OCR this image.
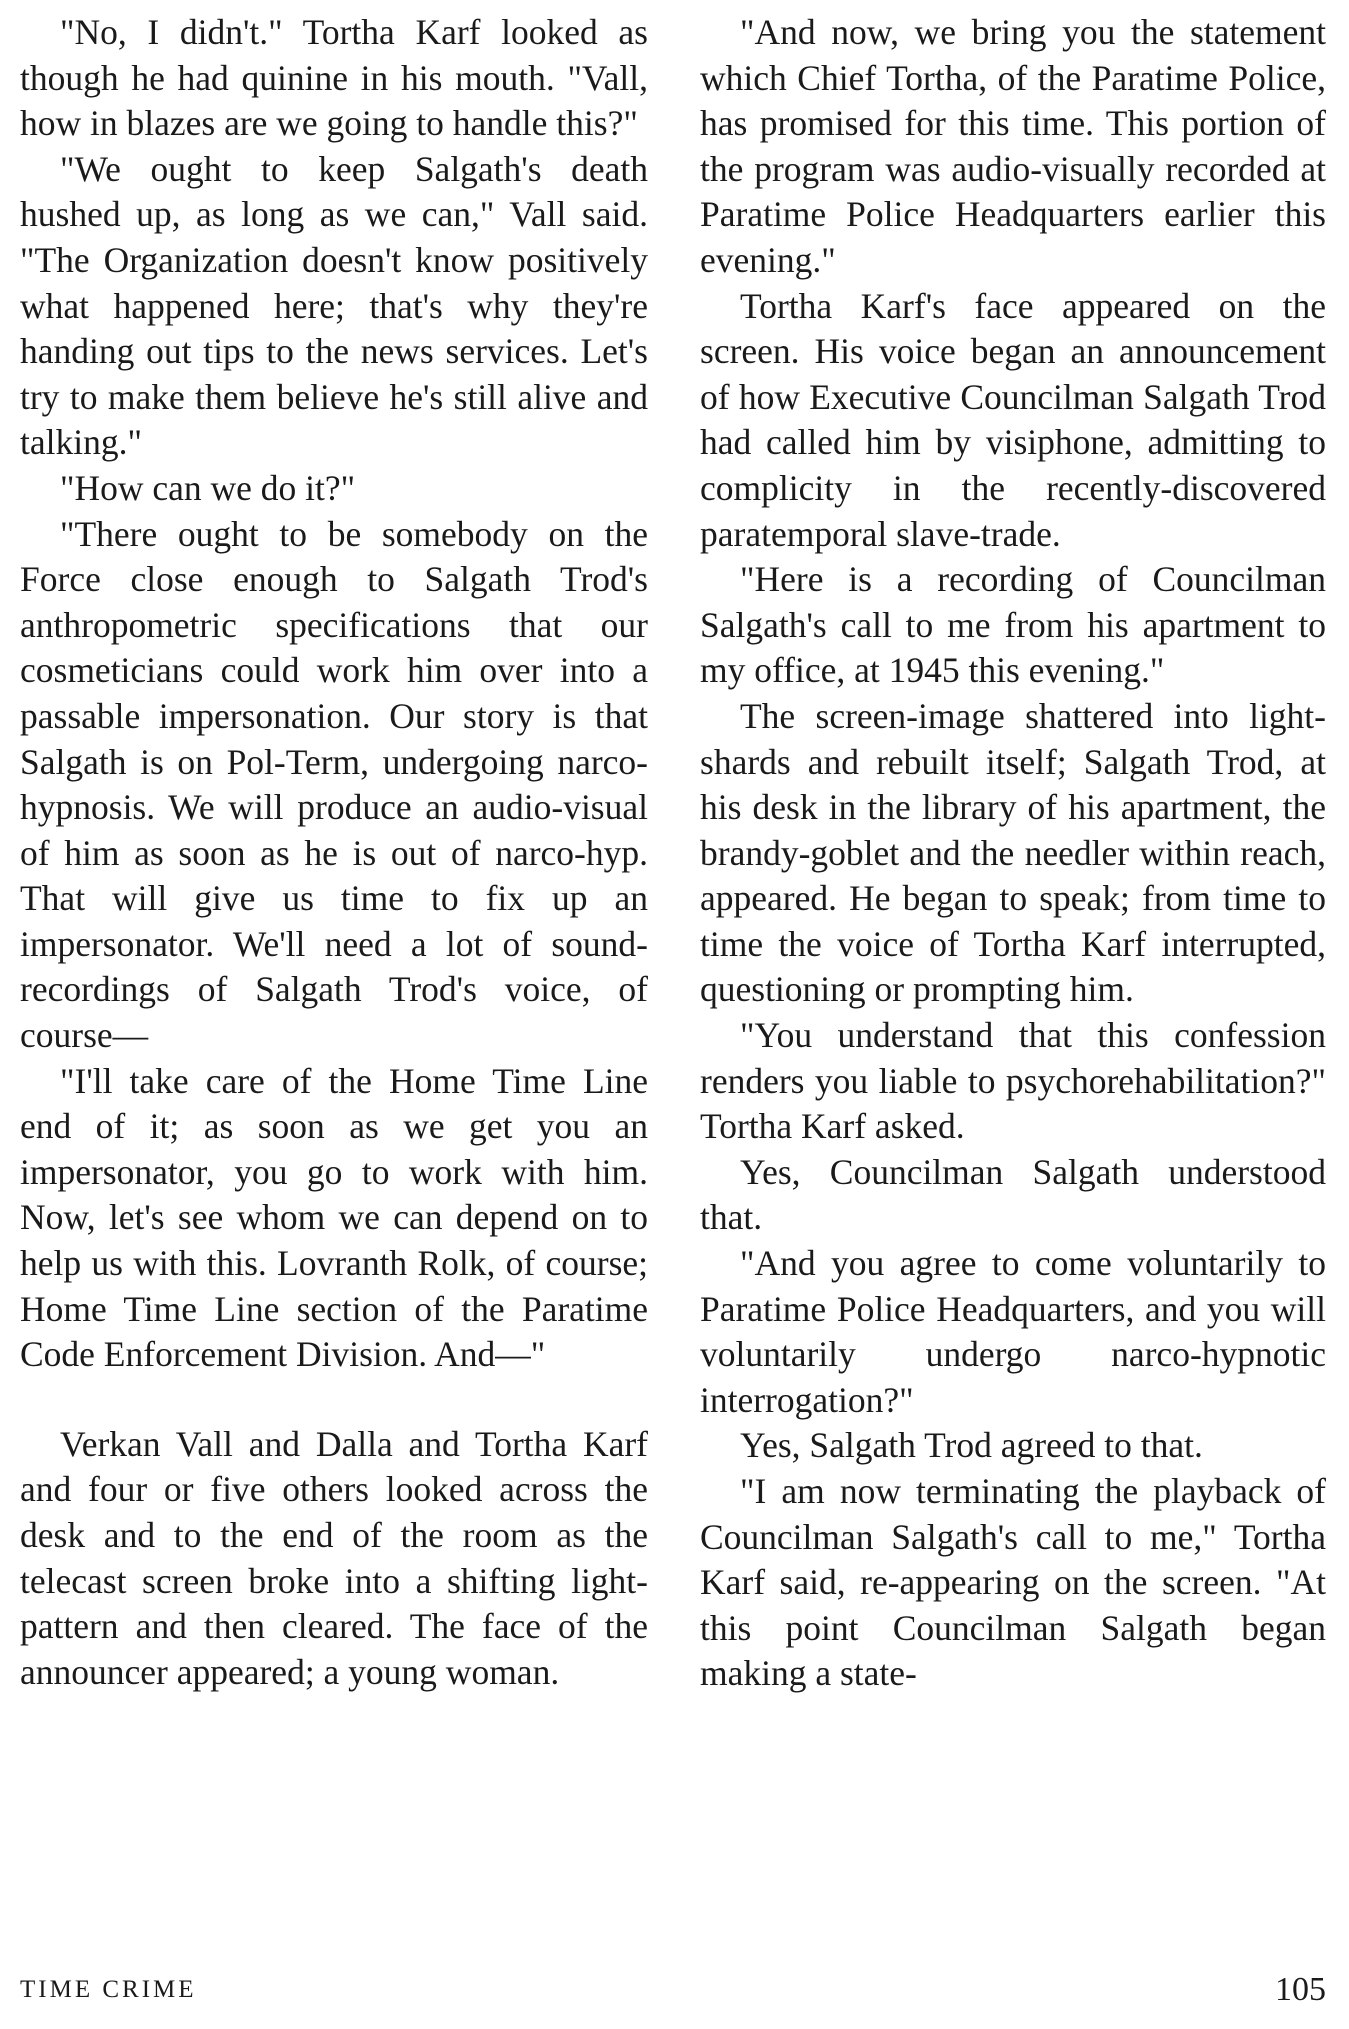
"No, I didn't." Tortha Karf looked as though he had quinine in his mouth. "Vall, how in blazes are we going to handle this?"

"We ought to keep Salgath's death hushed up, as long as we can," Vall said. "The Organization doesn't know positively what happened here; that's why they're handing out tips to the news services. Let's try to make them believe he's still alive and talking."

"How can we do it?"

"There ought to be somebody on the Force close enough to Salgath Trod's anthropometric specifications that our cosmeticians could work him over into a passable impersonation. Our story is that Salgath is on Pol-Term, undergoing narco-hypnosis. We will produce an audio-visual of him as soon as he is out of narco-hyp. That will give us time to fix up an impersonator. We'll need a lot of sound-recordings of Salgath Trod's voice, of course—

"I'll take care of the Home Time Line end of it; as soon as we get you an impersonator, you go to work with him. Now, let's see whom we can depend on to help us with this. Lovranth Rolk, of course; Home Time Line section of the Paratime Code Enforcement Division. And—"

Verkan Vall and Dalla and Tortha Karf and four or five others looked across the desk and to the end of the room as the telecast screen broke into a shifting light-pattern and then cleared. The face of the announcer appeared; a young woman.

"And now, we bring you the statement which Chief Tortha, of the Paratime Police, has promised for this time. This portion of the program was audio-visually recorded at Paratime Police Headquarters earlier this evening."

Tortha Karf's face appeared on the screen. His voice began an announcement of how Executive Councilman Salgath Trod had called him by visiphone, admitting to complicity in the recently-discovered paratemporal slave-trade.

"Here is a recording of Councilman Salgath's call to me from his apartment to my office, at 1945 this evening."

The screen-image shattered into light-shards and rebuilt itself; Salgath Trod, at his desk in the library of his apartment, the brandy-goblet and the needler within reach, appeared. He began to speak; from time to time the voice of Tortha Karf interrupted, questioning or prompting him.

"You understand that this confession renders you liable to psychorehabilitation?" Tortha Karf asked.

Yes, Councilman Salgath understood that.

"And you agree to come voluntarily to Paratime Police Headquarters, and you will voluntarily undergo narco-hypnotic interrogation?"

Yes, Salgath Trod agreed to that.

"I am now terminating the playback of Councilman Salgath's call to me," Tortha Karf said, re-appearing on the screen. "At this point Councilman Salgath began making a state-

TIME CRIME	105
